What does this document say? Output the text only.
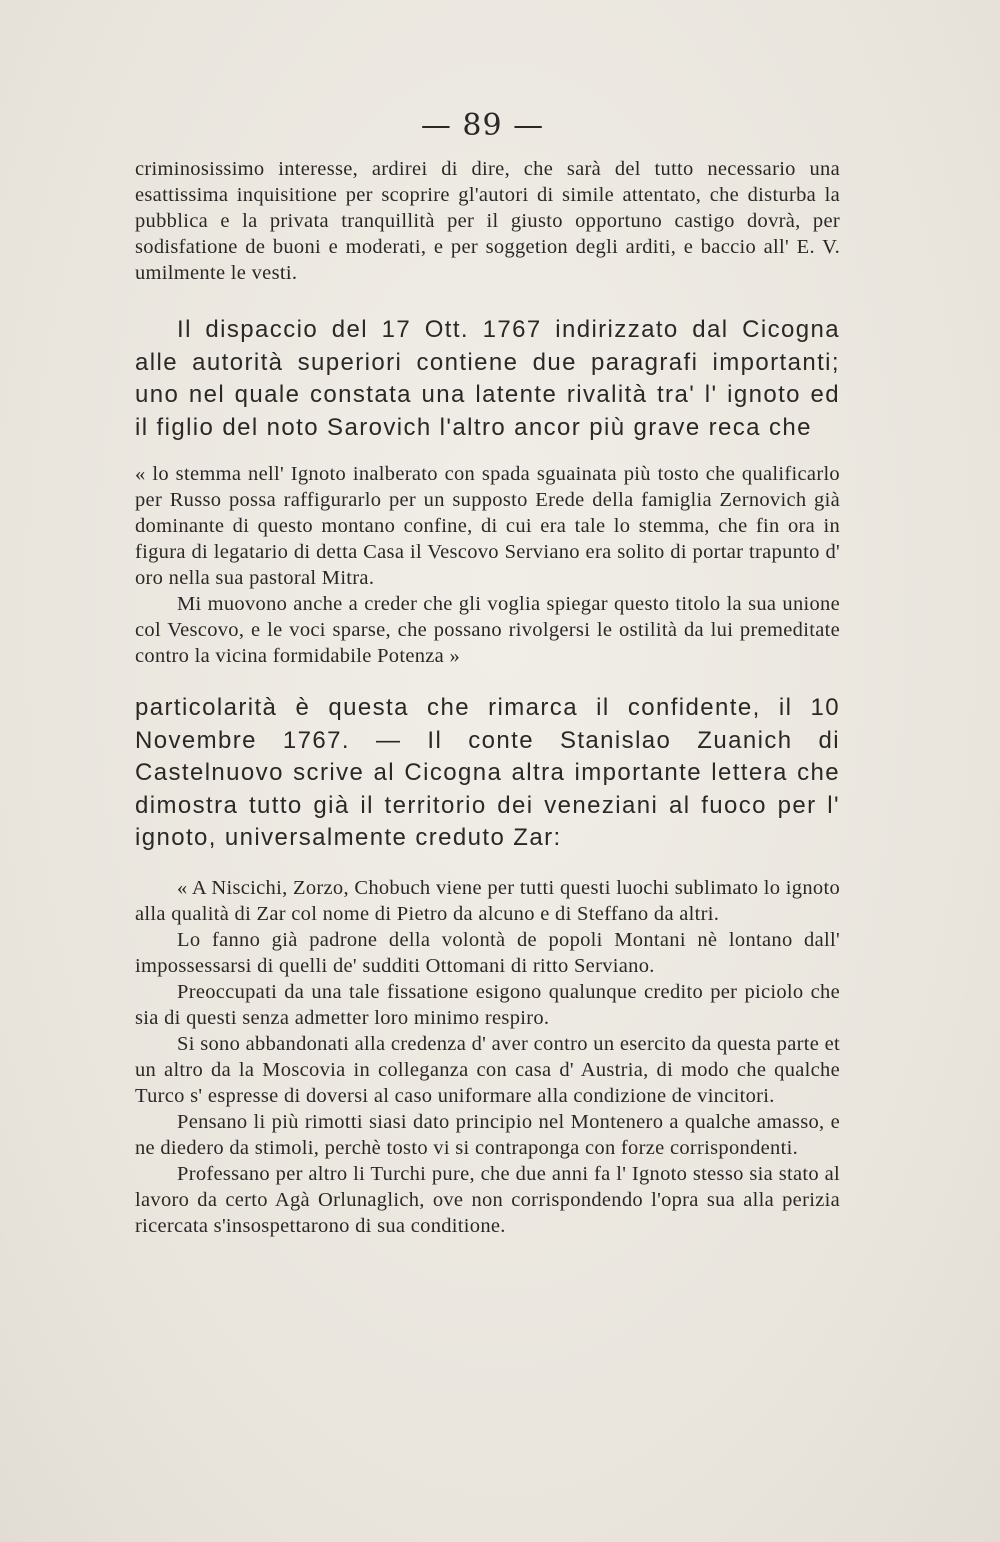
— 89 —

criminosissimo interesse, ardirei di dire, che sarà del tutto necessario una esattissima inquisitione per scoprire gl'autori di simile attentato, che disturba la pubblica e la privata tranquillità per il giusto opportuno castigo dovrà, per sodisfatione de buoni e moderati, e per soggetion degli arditi, e baccio all' E. V. umilmente le vesti.

Il dispaccio del 17 Ott. 1767 indirizzato dal Cicogna alle autorità superiori contiene due paragrafi importanti; uno nel quale constata una latente rivalità tra' l' ignoto ed il figlio del noto Sarovich l'altro ancor più grave reca che

« lo stemma nell' Ignoto inalberato con spada sguainata più tosto che qualificarlo per Russo possa raffigurarlo per un supposto Erede della famiglia Zernovich già dominante di questo montano confine, di cui era tale lo stemma, che fin ora in figura di legatario di detta Casa il Vescovo Serviano era solito di portar trapunto d' oro nella sua pastoral Mitra.

Mi muovono anche a creder che gli voglia spiegar questo titolo la sua unione col Vescovo, e le voci sparse, che possano rivolgersi le ostilità da lui premeditate contro la vicina formidabile Potenza »

particolarità è questa che rimarca il confidente, il 10 Novembre 1767. — Il conte Stanislao Zuanich di Castelnuovo scrive al Cicogna altra importante lettera che dimostra tutto già il territorio dei veneziani al fuoco per l' ignoto, universalmente creduto Zar:

« A Niscichi, Zorzo, Chobuch viene per tutti questi luochi sublimato lo ignoto alla qualità di Zar col nome di Pietro da alcuno e di Steffano da altri.

Lo fanno già padrone della volontà de popoli Montani nè lontano dall' impossessarsi di quelli de' sudditi Ottomani di ritto Serviano.

Preoccupati da una tale fissatione esigono qualunque credito per piciolo che sia di questi senza admetter loro minimo respiro.

Si sono abbandonati alla credenza d' aver contro un esercito da questa parte et un altro da la Moscovia in colleganza con casa d' Austria, di modo che qualche Turco s' espresse di doversi al caso uniformare alla condizione de vincitori.

Pensano li più rimotti siasi dato principio nel Montenero a qualche amasso, e ne diedero da stimoli, perchè tosto vi si contraponga con forze corrispondenti.

Professano per altro li Turchi pure, che due anni fa l' Ignoto stesso sia stato al lavoro da certo Agà Orlunaglich, ove non corrispondendo l'opra sua alla perizia ricercata s'insospettarono di sua conditione.
